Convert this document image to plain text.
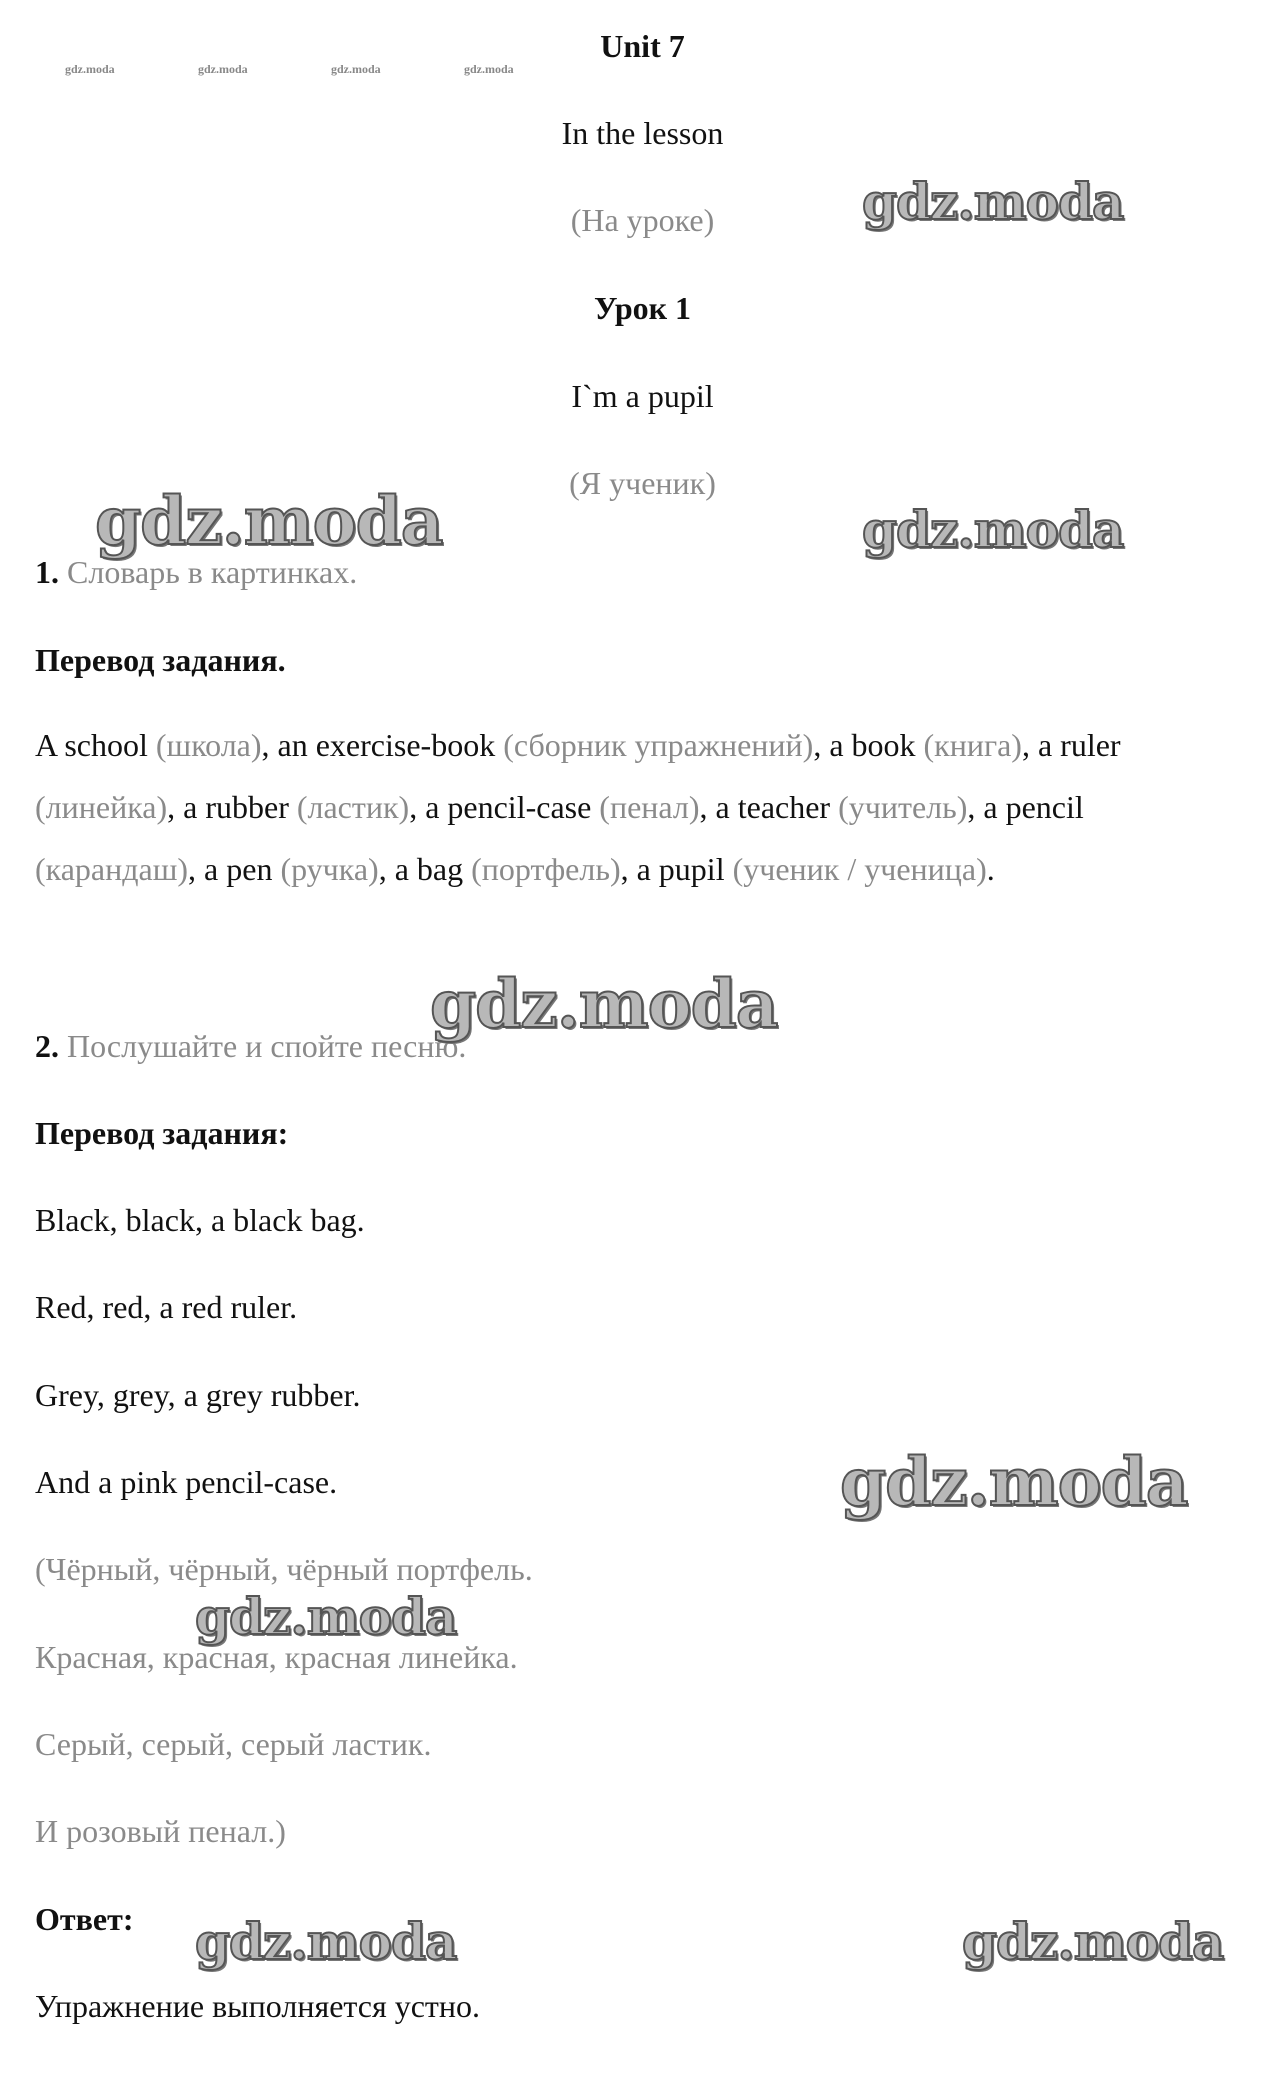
gdz.moda	gdz.moda	gdz.moda	gdz.moda
Unit 7
In the lesson
(На уроке)
Урок 1
I`m a pupil
(Я ученик)
1. Словарь в картинках.
Перевод задания.
A school (школа), an exercise-book (сборник упражнений), a book (книга), a ruler (линейка), a rubber (ластик), a pencil-case (пенал), a teacher (учитель), a pencil (карандаш), a pen (ручка), a bag (портфель), a pupil (ученик / ученица).
2. Послушайте и спойте песню.
Перевод задания:
Black, black, a black bag.
Red, red, a red ruler.
Grey, grey, a grey rubber.
And a pink pencil-case.
(Чёрный, чёрный, чёрный портфель.
Красная, красная, красная линейка.
Серый, серый, серый ластик.
И розовый пенал.)
Ответ:
Упражнение выполняется устно.
gdz.moda
gdz.moda	gdz.moda
gdz.moda
gdz.moda
gdz.moda
gdz.moda	gdz.moda
